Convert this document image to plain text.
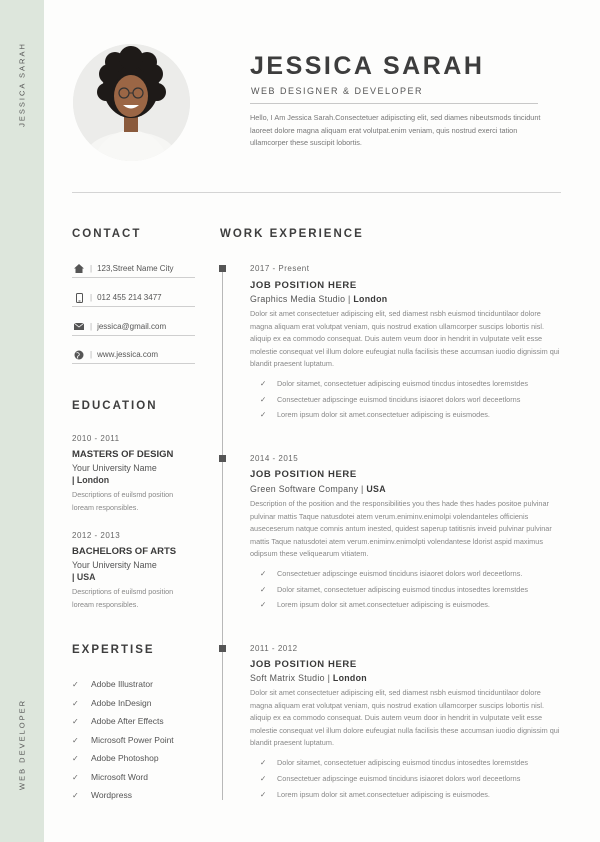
JESSICA SARAH
WEB DEVELOPER
JESSICA SARAH
WEB DESIGNER & DEVELOPER
Hello, I Am Jessica Sarah.Consectetuer adipiscting elit, sed diames nibeutsmods tincidunt laoreet dolore magna aliquam erat volutpat.enim veniam, quis nostrud exerci tation ullamcorper these suscipit lobortis.
CONTACT
| 123,Street Name City
| 012 455 214 3477
| jessica@gmail.com
| www.jessica.com
EDUCATION
2010 - 2011
MASTERS OF DESIGN
Your University Name
| London
Descriptions of euilsmd position
loream responsibles.
2012 - 2013
BACHELORS OF ARTS
Your University Name
| USA
Descriptions of euilsmd position
loream responsibles.
EXPERTISE
✓	Adobe Illustrator
✓	Adobe InDesign
✓	Adobe After Effects
✓	Microsoft Power Point
✓	Adobe Photoshop
✓	Microsoft Word
✓	Wordpress
WORK EXPERIENCE
2017 - Present
JOB POSITION HERE
Graphics Media Studio | London
Dolor sit amet consectetuer adipiscing elit, sed diamest nsbh euismod tinciduntilaor dolore magna aliquam erat volutpat veniam, quis nostrud exation ullamcorper suscips lobortis nisl. aliquip ex ea commodo consequat. Duis autem veum door in hendrit in vulputate velit esse molestie consequat vel illum dolore eufeugiat nulla facilisis these accumsan iuodio dignissim qui blandit praesent luptatum.
✓	Dolor sitamet, consectetuer adipiscing euismod tincdus intosedtes loremstdes
✓	Consectetuer adipscinge euismod tinciduns isiaoret dolors worl deceetlorns
✓	Lorem ipsum dolor sit amet.consectetuer adipiscing is euismodes.
2014 - 2015
JOB POSITION HERE
Green Software Company | USA
Description of the position and the responsibilities you thes hade thes hades positoe pulvinar pulvinar mattis Taque natusdotei atem verum.eniminv.enimolpi volendanteles officienis auseceserum natque comnis antum inested, quidest saperup tatitisnis inveid pulvinar pulvinar mattis Taque natusdotei atem verum.eniminv.enimolpti volendantese ldorist aspid maximus odipsum these veliquearum vitiatem.
✓	Consectetuer adipscinge euismod tinciduns isiaoret dolors worl deceetlorns.
✓	Dolor sitamet, consectetuer adipiscing euismod tincdus intosedtes loremstdes
✓	Lorem ipsum dolor sit amet.consectetuer adipiscing is euismodes.
2011 - 2012
JOB POSITION HERE
Soft Matrix Studio | London
Dolor sit amet consectetuer adipiscing elit, sed diamest nsbh euismod tinciduntilaor dolore magna aliquam erat volutpat veniam, quis nostrud exation ullamcorper suscips lobortis nisl. aliquip ex ea commodo consequat. Duis autem veum door in hendrit in vulputate velit esse molestie consequat vel illum dolore eufeugiat nulla facilisis these accumsan iuodio dignissim qui blandit praesent luptatum.
✓	Dolor sitamet, consectetuer adipiscing euismod tincdus intosedtes loremstdes
✓	Consectetuer adipscinge euismod tinciduns isiaoret dolors worl deceetlorns
✓	Lorem ipsum dolor sit amet.consectetuer adipiscing is euismodes.
